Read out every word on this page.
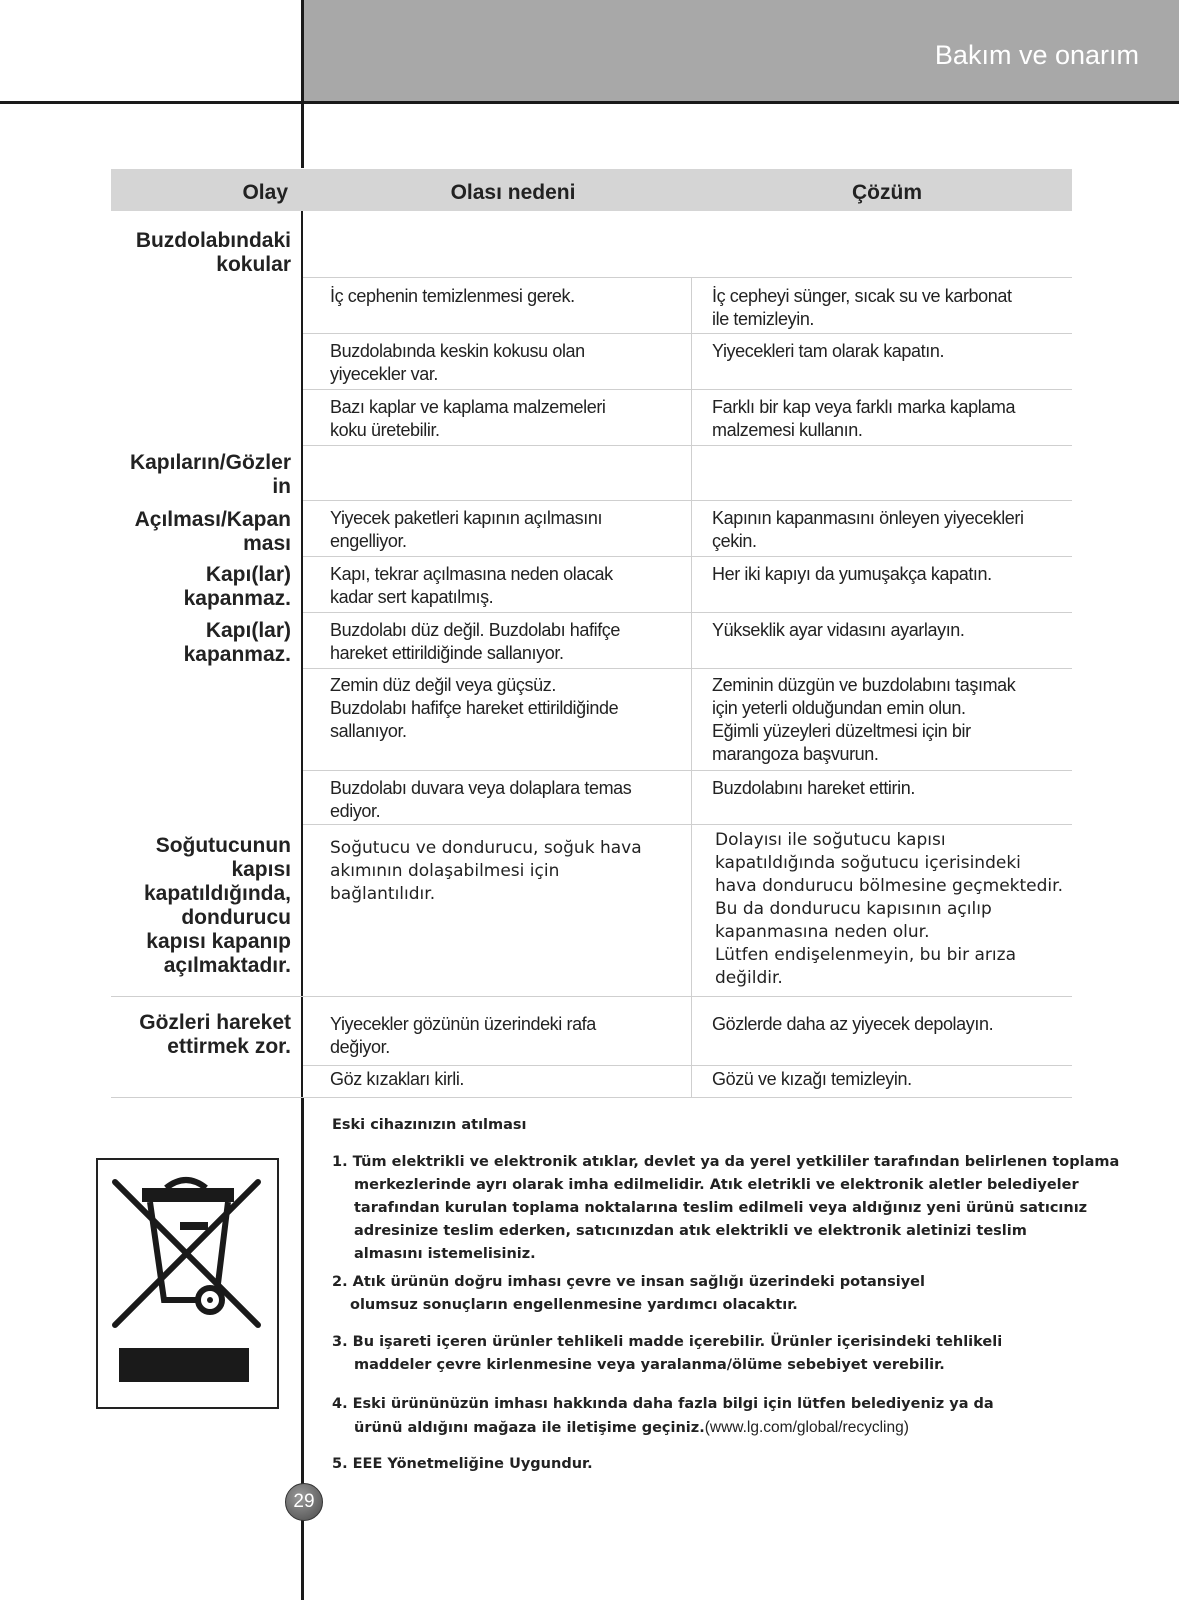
Bakım ve onarım
Olay	Olası nedeni	Çözüm
Buzdolabındaki
kokular
Kapıların/Gözler
in
Açılması/Kapan
ması
Kapı(lar)
kapanmaz.
Kapı(lar)
kapanmaz.
Soğutucunun
kapısı
kapatıldığında,
dondurucu
kapısı kapanıp
açılmaktadır.
Gözleri hareket
ettirmek zor.
İç cephenin temizlenmesi gerek.
Buzdolabında keskin kokusu olan
yiyecekler var.
Bazı kaplar ve kaplama malzemeleri
koku üretebilir.
Yiyecek paketleri kapının açılmasını
engelliyor.
Kapı, tekrar açılmasına neden olacak
kadar sert kapatılmış.
Buzdolabı düz değil. Buzdolabı hafifçe
hareket ettirildiğinde sallanıyor.
Zemin düz değil veya güçsüz.
Buzdolabı hafifçe hareket ettirildiğinde
sallanıyor.
Buzdolabı duvara veya dolaplara temas
ediyor.
Soğutucu ve dondurucu, soğuk hava
akımının dolaşabilmesi için
bağlantılıdır.
Yiyecekler gözünün üzerindeki rafa
değiyor.
Göz kızakları kirli.
İç cepheyi sünger, sıcak su ve karbonat
ile temizleyin.
Yiyecekleri tam olarak kapatın.
Farklı bir kap veya farklı marka kaplama
malzemesi kullanın.
Kapının kapanmasını önleyen yiyecekleri
çekin.
Her iki kapıyı da yumuşakça kapatın.
Yükseklik ayar vidasını ayarlayın.
Zeminin düzgün ve buzdolabını taşımak
için yeterli olduğundan emin olun.
Eğimli yüzeyleri düzeltmesi için bir
marangoza başvurun.
Buzdolabını hareket ettirin.
Dolayısı ile soğutucu kapısı
kapatıldığında soğutucu içerisindeki
hava dondurucu bölmesine geçmektedir.
Bu da dondurucu kapısının açılıp
kapanmasına neden olur.
Lütfen endişelenmeyin, bu bir arıza
değildir.
Gözlerde daha az yiyecek depolayın.
Gözü ve kızağı temizleyin.
Eski cihazınızın atılması
1. Tüm elektrikli ve elektronik atıklar, devlet ya da yerel yetkililer tarafından belirlenen toplama
merkezlerinde ayrı olarak imha edilmelidir. Atık eletrikli ve elektronik aletler belediyeler
tarafından kurulan toplama noktalarına teslim edilmeli veya aldığınız yeni ürünü satıcınız
adresinize teslim ederken, satıcınızdan atık elektrikli ve elektronik aletinizi teslim
almasını istemelisiniz.
2. Atık ürünün doğru imhası çevre ve insan sağlığı üzerindeki potansiyel
olumsuz sonuçların engellenmesine yardımcı olacaktır.
3. Bu işareti içeren ürünler tehlikeli madde içerebilir. Ürünler içerisindeki tehlikeli
maddeler çevre kirlenmesine veya yaralanma/ölüme sebebiyet verebilir.
4. Eski ürününüzün imhası hakkında daha fazla bilgi için lütfen belediyeniz ya da
ürünü aldığını mağaza ile iletişime geçiniz.(www.lg.com/global/recycling)
5. EEE Yönetmeliğine Uygundur.
29
